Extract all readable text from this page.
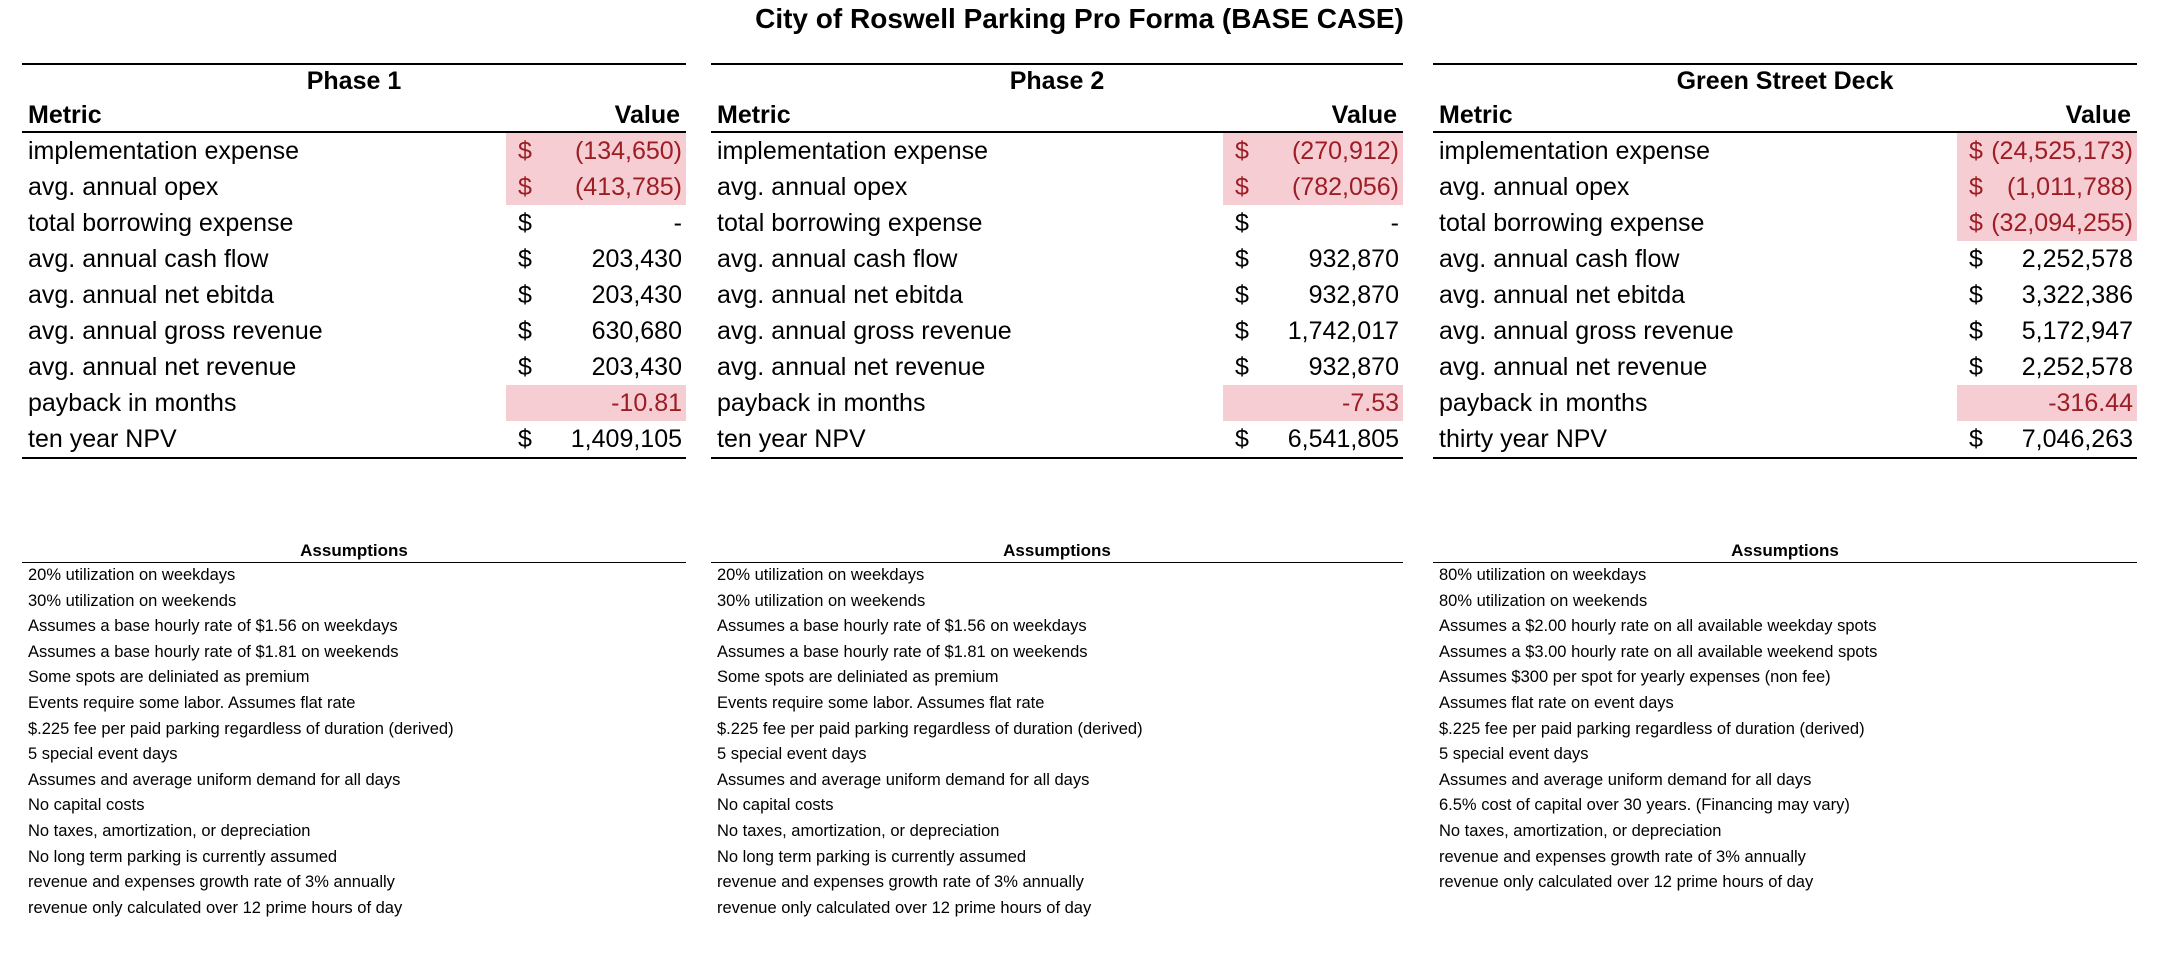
City of Roswell Parking Pro Forma (BASE CASE)
Phase 1
Metric	Value
implementation expense	$	(134,650)
avg. annual opex	$	(413,785)
total borrowing expense	$	-
avg. annual cash flow	$	203,430
avg. annual net ebitda	$	203,430
avg. annual gross revenue	$	630,680
avg. annual net revenue	$	203,430
payback in months	-10.81
ten year NPV	$	1,409,105
Phase 2
Metric	Value
implementation expense	$	(270,912)
avg. annual opex	$	(782,056)
total borrowing expense	$	-
avg. annual cash flow	$	932,870
avg. annual net ebitda	$	932,870
avg. annual gross revenue	$	1,742,017
avg. annual net revenue	$	932,870
payback in months	-7.53
ten year NPV	$	6,541,805
Green Street Deck
Metric	Value
implementation expense	$ (24,525,173)
avg. annual opex	$ (1,011,788)
total borrowing expense	$ (32,094,255)
avg. annual cash flow	$	2,252,578
avg. annual net ebitda	$	3,322,386
avg. annual gross revenue	$	5,172,947
avg. annual net revenue	$	2,252,578
payback in months	-316.44
thirty year NPV	$	7,046,263
Assumptions
20% utilization on weekdays
30% utilization on weekends
Assumes a base hourly rate of $1.56 on weekdays
Assumes a base hourly rate of $1.81 on weekends
Some spots are deliniated as premium
Events require some labor. Assumes flat rate
$.225 fee per paid parking regardless of duration (derived)
5 special event days
Assumes and average uniform demand for all days
No capital costs
No taxes, amortization, or depreciation
No long term parking is currently assumed
revenue and expenses growth rate of 3% annually
revenue only calculated over 12 prime hours of day
Assumptions
20% utilization on weekdays
30% utilization on weekends
Assumes a base hourly rate of $1.56 on weekdays
Assumes a base hourly rate of $1.81 on weekends
Some spots are deliniated as premium
Events require some labor. Assumes flat rate
$.225 fee per paid parking regardless of duration (derived)
5 special event days
Assumes and average uniform demand for all days
No capital costs
No taxes, amortization, or depreciation
No long term parking is currently assumed
revenue and expenses growth rate of 3% annually
revenue only calculated over 12 prime hours of day
Assumptions
80% utilization on weekdays
80% utilization on weekends
Assumes a $2.00 hourly rate on all available weekday spots
Assumes a $3.00 hourly rate on all available weekend spots
Assumes $300 per spot for yearly expenses (non fee)
Assumes flat rate on event days
$.225 fee per paid parking regardless of duration (derived)
5 special event days
Assumes and average uniform demand for all days
6.5% cost of capital over 30 years. (Financing may vary)
No taxes, amortization, or depreciation
revenue and expenses growth rate of 3% annually
revenue only calculated over 12 prime hours of day
